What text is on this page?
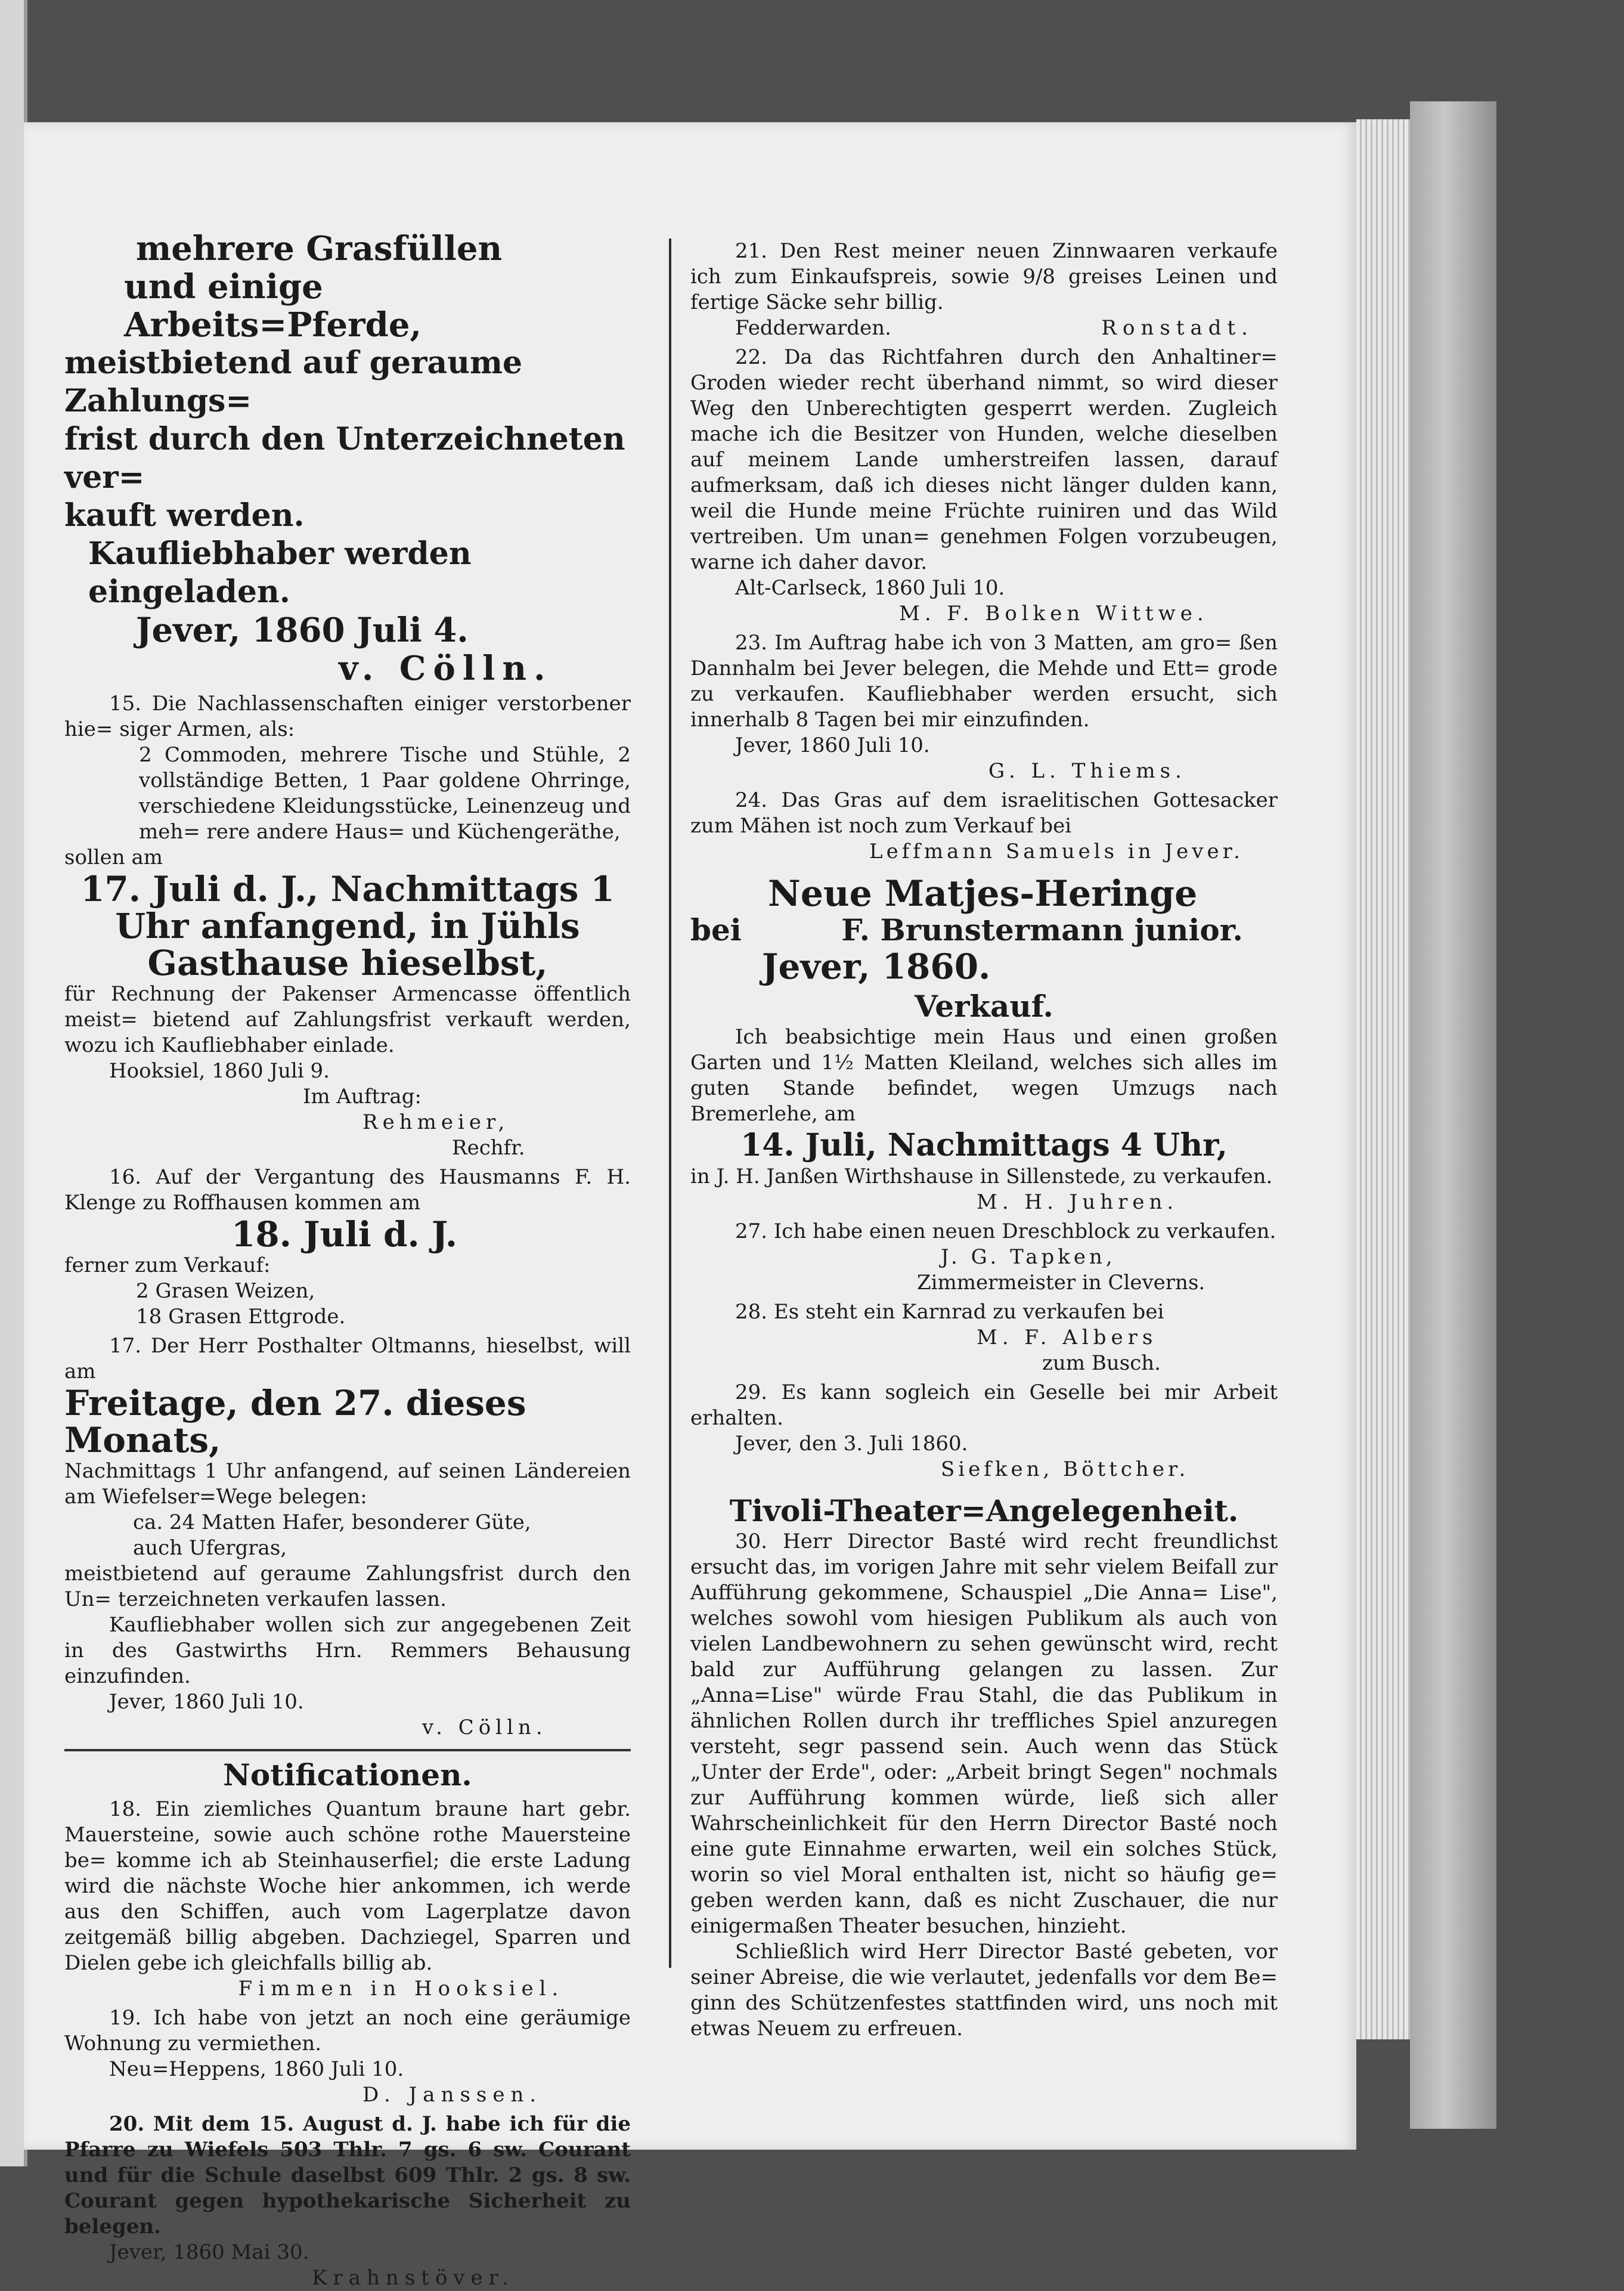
mehrere Grasfüllen

und einige Arbeits=Pferde,

meistbietend auf geraume Zahlungs=

frist durch den Unterzeichneten ver=

kauft werden.

Kaufliebhaber werden eingeladen.

Jever, 1860 Juli 4.

v. Cölln.

15. Die Nachlassenschaften einiger verstorbener hie= siger Armen, als:

2 Commoden, mehrere Tische und Stühle, 2 vollständige Betten, 1 Paar goldene Ohrringe, verschiedene Kleidungsstücke, Leinenzeug und meh= rere andere Haus= und Küchengeräthe,

sollen am

17. Juli d. J., Nachmittags 1 Uhr anfangend, in Jühls Gasthause hieselbst,

für Rechnung der Pakenser Armencasse öffentlich meist= bietend auf Zahlungsfrist verkauft werden, wozu ich Kaufliebhaber einlade.

Hooksiel, 1860 Juli 9.

Im Auftrag:

Rehmeier,

Rechfr.

16. Auf der Vergantung des Hausmanns F. H. Klenge zu Roffhausen kommen am

18. Juli d. J.

ferner zum Verkauf:

2 Grasen Weizen,

18 Grasen Ettgrode.

17. Der Herr Posthalter Oltmanns, hieselbst, will am

Freitage, den 27. dieses Monats,

Nachmittags 1 Uhr anfangend, auf seinen Ländereien am Wiefelser=Wege belegen:

ca. 24 Matten Hafer, besonderer Güte,

auch Ufergras,

meistbietend auf geraume Zahlungsfrist durch den Un= terzeichneten verkaufen lassen.

Kaufliebhaber wollen sich zur angegebenen Zeit in des Gastwirths Hrn. Remmers Behausung einzufinden.

Jever, 1860 Juli 10.

v. Cölln.

Notificationen.

18. Ein ziemliches Quantum braune hart gebr. Mauersteine, sowie auch schöne rothe Mauersteine be= komme ich ab Steinhauserfiel; die erste Ladung wird die nächste Woche hier ankommen, ich werde aus den Schiffen, auch vom Lagerplatze davon zeitgemäß billig abgeben. Dachziegel, Sparren und Dielen gebe ich gleichfalls billig ab.

Fimmen in Hooksiel.

19. Ich habe von jetzt an noch eine geräumige Wohnung zu vermiethen.

Neu=Heppens, 1860 Juli 10.

D. Janssen.

20. Mit dem 15. August d. J. habe ich für die Pfarre zu Wiefels 503 Thlr. 7 gs. 6 sw. Courant und für die Schule daselbst 609 Thlr. 2 gs. 8 sw. Courant gegen hypothekarische Sicherheit zu belegen.

Jever, 1860 Mai 30.

Krahnstöver.

21. Den Rest meiner neuen Zinnwaaren verkaufe ich zum Einkaufspreis, sowie 9/8 greises Leinen und fertige Säcke sehr billig.

Fedderwarden.	Ronstadt.

22. Da das Richtfahren durch den Anhaltiner= Groden wieder recht überhand nimmt, so wird dieser Weg den Unberechtigten gesperrt werden. Zugleich mache ich die Besitzer von Hunden, welche dieselben auf meinem Lande umherstreifen lassen, darauf aufmerksam, daß ich dieses nicht länger dulden kann, weil die Hunde meine Früchte ruiniren und das Wild vertreiben. Um unan= genehmen Folgen vorzubeugen, warne ich daher davor.

Alt-Carlseck, 1860 Juli 10.

M. F. Bolken Wittwe.

23. Im Auftrag habe ich von 3 Matten, am gro= ßen Dannhalm bei Jever belegen, die Mehde und Ett= grode zu verkaufen. Kaufliebhaber werden ersucht, sich innerhalb 8 Tagen bei mir einzufinden.

Jever, 1860 Juli 10.

G. L. Thiems.

24. Das Gras auf dem israelitischen Gottesacker zum Mähen ist noch zum Verkauf bei

Leffmann Samuels in Jever.

Neue Matjes-Heringe

bei	F. Brunstermann junior.

Jever, 1860.

Verkauf.

Ich beabsichtige mein Haus und einen großen Garten und 1½ Matten Kleiland, welches sich alles im guten Stande befindet, wegen Umzugs nach Bremerlehe, am

14. Juli, Nachmittags 4 Uhr,

in J. H. Janßen Wirthshause in Sillenstede, zu verkaufen.

M. H. Juhren.

27. Ich habe einen neuen Dreschblock zu verkaufen.

J. G. Tapken,

Zimmermeister in Cleverns.

28. Es steht ein Karnrad zu verkaufen bei

M. F. Albers

zum Busch.

29. Es kann sogleich ein Geselle bei mir Arbeit erhalten.

Jever, den 3. Juli 1860.

Siefken, Böttcher.

Tivoli-Theater=Angelegenheit.

30. Herr Director Basté wird recht freundlichst ersucht das, im vorigen Jahre mit sehr vielem Beifall zur Aufführung gekommene, Schauspiel „Die Anna= Lise", welches sowohl vom hiesigen Publikum als auch von vielen Landbewohnern zu sehen gewünscht wird, recht bald zur Aufführung gelangen zu lassen. Zur „Anna=Lise" würde Frau Stahl, die das Publikum in ähnlichen Rollen durch ihr treffliches Spiel anzuregen versteht, segr passend sein. Auch wenn das Stück „Unter der Erde", oder: „Arbeit bringt Segen" nochmals zur Aufführung kommen würde, ließ sich aller Wahrscheinlichkeit für den Herrn Director Basté noch eine gute Einnahme erwarten, weil ein solches Stück, worin so viel Moral enthalten ist, nicht so häufig ge= geben werden kann, daß es nicht Zuschauer, die nur einigermaßen Theater besuchen, hinzieht.

Schließlich wird Herr Director Basté gebeten, vor seiner Abreise, die wie verlautet, jedenfalls vor dem Be= ginn des Schützenfestes stattfinden wird, uns noch mit etwas Neuem zu erfreuen.
